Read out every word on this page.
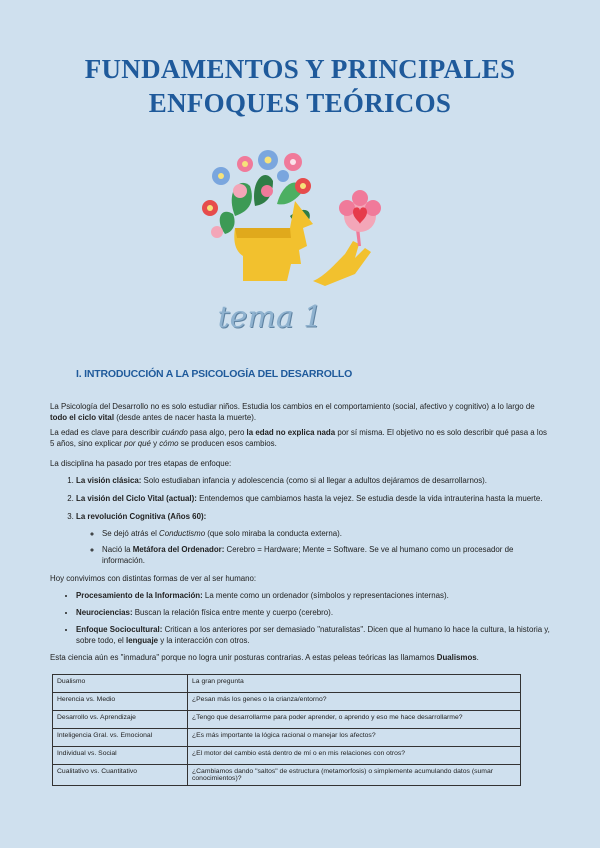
FUNDAMENTOS Y PRINCIPALES
ENFOQUES TEÓRICOS
tema 1
I. INTRODUCCIÓN A LA PSICOLOGÍA DEL DESARROLLO

La Psicología del Desarrollo no es solo estudiar niños. Estudia los cambios en el comportamiento (social, afectivo y cognitivo) a lo largo de todo el ciclo vital (desde antes de nacer hasta la muerte).

La edad es clave para describir cuándo pasa algo, pero la edad no explica nada por sí misma. El objetivo no es solo describir qué pasa a los 5 años, sino explicar por qué y cómo se producen esos cambios.

La disciplina ha pasado por tres etapas de enfoque:

1. La visión clásica: Solo estudiaban infancia y adolescencia (como si al llegar a adultos dejáramos de desarrollarnos).
2. La visión del Ciclo Vital (actual): Entendemos que cambiamos hasta la vejez. Se estudia desde la vida intrauterina hasta la muerte.
3. La revolución Cognitiva (Años 60):
◦ Se dejó atrás el Conductismo (que solo miraba la conducta externa).
◦ Nació la Metáfora del Ordenador: Cerebro = Hardware; Mente = Software. Se ve al humano como un procesador de información.

Hoy convivimos con distintas formas de ver al ser humano:

• Procesamiento de la Información: La mente como un ordenador (símbolos y representaciones internas).
• Neurociencias: Buscan la relación física entre mente y cuerpo (cerebro).
• Enfoque Sociocultural: Critican a los anteriores por ser demasiado "naturalistas". Dicen que al humano lo hace la cultura, la historia y, sobre todo, el lenguaje y la interacción con otros.

Esta ciencia aún es "inmadura" porque no logra unir posturas contrarias. A estas peleas teóricas las llamamos Dualismos.

Dualismo	La gran pregunta
Herencia vs. Medio	¿Pesan más los genes o la crianza/entorno?
Desarrollo vs. Aprendizaje	¿Tengo que desarrollarme para poder aprender, o aprendo y eso me hace desarrollarme?
Inteligencia Gral. vs. Emocional	¿Es más importante la lógica racional o manejar los afectos?
Individual vs. Social	¿El motor del cambio está dentro de mí o en mis relaciones con otros?
Cualitativo vs. Cuantitativo	¿Cambiamos dando "saltos" de estructura (metamorfosis) o simplemente acumulando datos (sumar conocimientos)?
